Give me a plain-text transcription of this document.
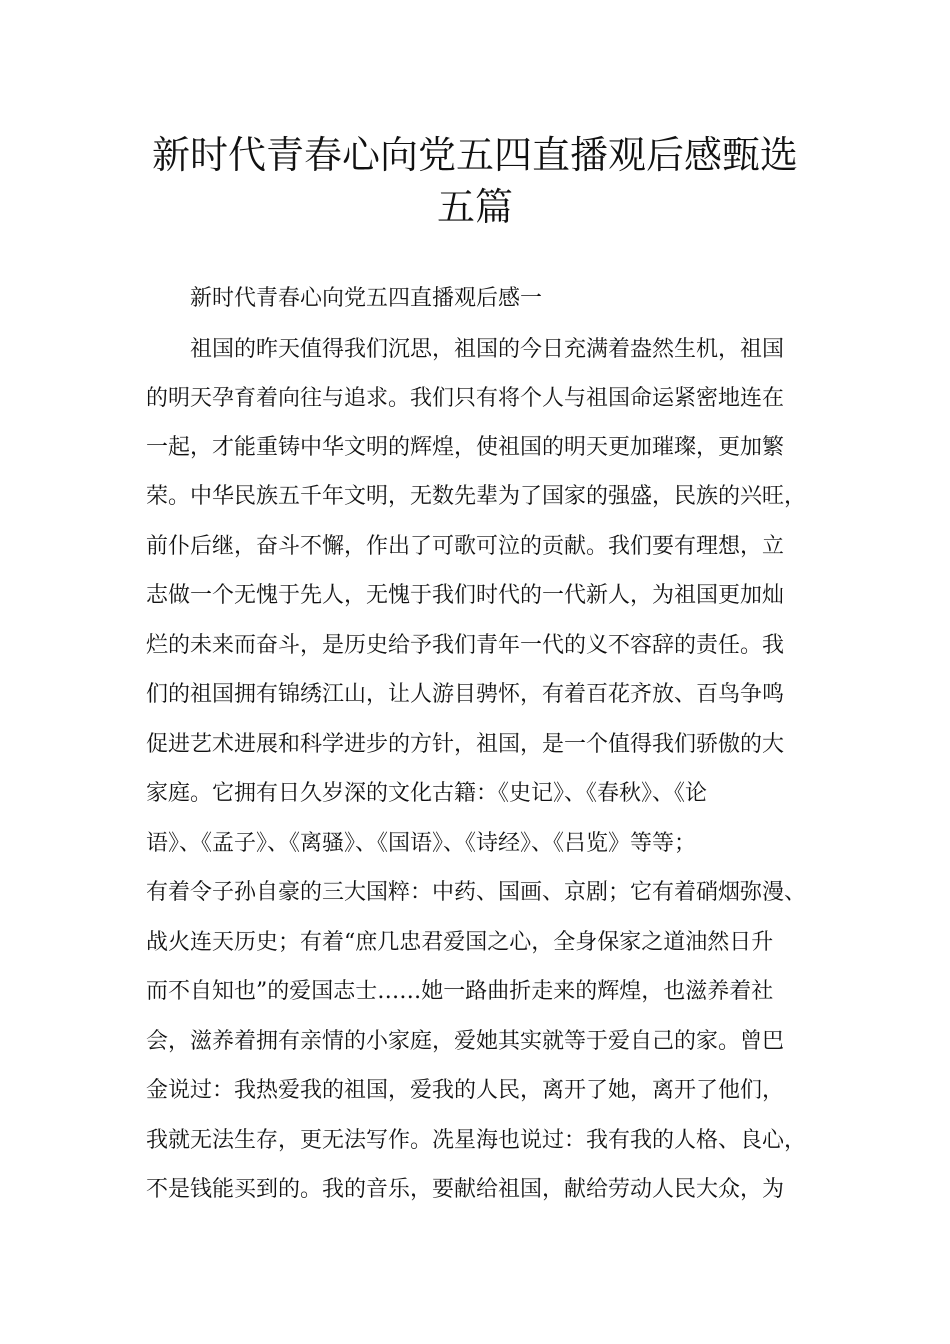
新时代青春心向党五四直播观后感甄选
五篇
新时代青春心向党五四直播观后感一
祖国的昨天值得我们沉思，祖国的今日充满着盎然生机，祖国
的明天孕育着向往与追求。我们只有将个人与祖国命运紧密地连在
一起，才能重铸中华文明的辉煌，使祖国的明天更加璀璨，更加繁
荣。中华民族五千年文明，无数先辈为了国家的强盛，民族的兴旺，
前仆后继，奋斗不懈，作出了可歌可泣的贡献。我们要有理想，立
志做一个无愧于先人，无愧于我们时代的一代新人，为祖国更加灿
烂的未来而奋斗，是历史给予我们青年一代的义不容辞的责任。我
们的祖国拥有锦绣江山，让人游目骋怀，有着百花齐放、百鸟争鸣
促进艺术进展和科学进步的方针，祖国，是一个值得我们骄傲的大
家庭。它拥有日久岁深的文化古籍：《史记》、《春秋》、《论
语》、《孟子》、《离骚》、《国语》、《诗经》、《吕览》等等；
有着令子孙自豪的三大国粹：中药、国画、京剧；它有着硝烟弥漫、
战火连天历史；有着“庶几忠君爱国之心，全身保家之道油然日升
而不自知也”的爱国志士……她一路曲折走来的辉煌，也滋养着社
会，滋养着拥有亲情的小家庭，爱她其实就等于爱自己的家。曾巴
金说过：我热爱我的祖国，爱我的人民，离开了她，离开了他们，
我就无法生存，更无法写作。冼星海也说过：我有我的人格、良心，
不是钱能买到的。我的音乐，要献给祖国，献给劳动人民大众，为
